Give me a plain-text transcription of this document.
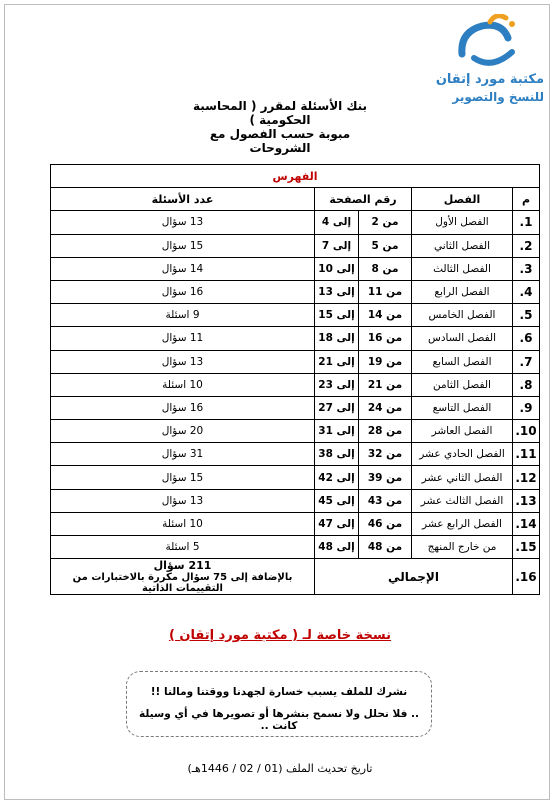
مكتبة مورد إتقان
للنسخ والتصوير
بنك الأسئلة لمقرر ( المحاسبة الحكومية )
مبوبة حسب الفصول مع الشروحات
الفهرس				
م	الفصل	رقم الصفحة		عدد الأسئلة
1.	الفصل الأول	من 2	إلى 4	13 سؤال
2.	الفصل الثاني	من 5	إلى 7	15 سؤال
3.	الفصل الثالث	من 8	إلى 10	14 سؤال
4.	الفصل الرابع	من 11	إلى 13	16 سؤال
5.	الفصل الخامس	من 14	إلى 15	9 اسئلة
6.	الفصل السادس	من 16	إلى 18	11 سؤال
7.	الفصل السابع	من 19	إلى 21	13 سؤال
8.	الفصل الثامن	من 21	إلى 23	10 اسئلة
9.	الفصل التاسع	من 24	إلى 27	16 سؤال
10.	الفصل العاشر	من 28	إلى 31	20 سؤال
11.	الفصل الحادي عشر	من 32	إلى 38	31 سؤال
12.	الفصل الثاني عشر	من 39	إلى 42	15 سؤال
13.	الفصل الثالث عشر	من 43	إلى 45	13 سؤال
14.	الفصل الرابع عشر	من 46	إلى 47	10 اسئلة
15.	من خارج المنهج	من 48	إلى 48	5 اسئلة
16.	الإجمالي			211 سؤال
بالإضافة إلى 75 سؤال مكررة بالاختبارات من التقييمات الذاتية
نسخة خاصة لـ ( مكتبة مورد إتقان )
نشرك للملف يسبب خسارة لجهدنا ووقتنا ومالنا !!
.. فلا نحلل ولا نسمح بنشرها أو تصويرها في أي وسيلة كانت ..
تاريخ تحديث الملف (01 / 02 / 1446هـ)
